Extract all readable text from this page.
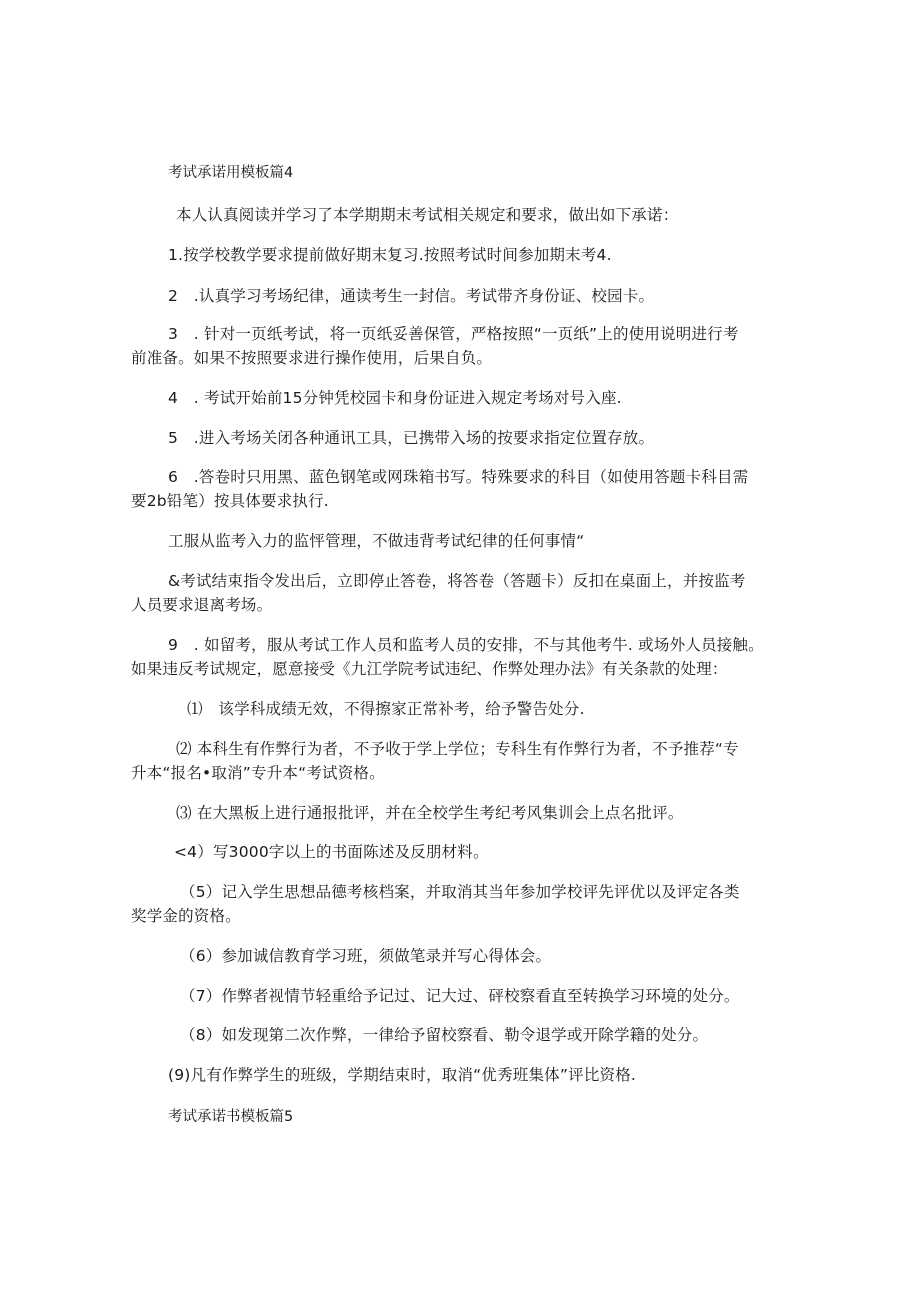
考试承诺用模板篇4
本人认真阅读并学习了本学期期末考试相关规定和要求，做出如下承诺：
1.按学校教学要求提前做好期末复习.按照考试时间参加期末考4.
2　.认真学习考场纪律，通读考生一封信。考试带齐身份证、校园卡。
3　. 针对一页纸考试，将一页纸妥善保管，严格按照“一页纸”上的使用说明进行考
前准备。如果不按照要求进行操作使用，后果自负。
4　. 考试开始前15分钟凭校园卡和身份证进入规定考场对号入座.
5　.进入考场关闭各种通讯工具，已携带入场的按要求指定位置存放。
6　.答卷时只用黑、蓝色钢笔或网珠箱书写。特殊要求的科目（如使用答题卡科目需
要2b铅笔）按具体要求执行.
工服从监考入力的监怦管理，不做违背考试纪律的任何事情“
&考试结束指令发出后，立即停止答卷，将答卷（答题卡）反扣在桌面上，并按监考
人员要求退离考场。
9　. 如留考，服从考试工作人员和监考人员的安排，不与其他考牛. 或场外人员接触。
如果违反考试规定，愿意接受《九江学院考试违纪、作弊处理办法》有关条款的处理：
⑴　该学科成绩无效，不得擦家正常补考，给予警告处分.
⑵ 本科生有作弊行为者，不予收于学上学位；专科生有作弊行为者，不予推荐“专
升本“报名•取消”专升本“考试资格。
⑶ 在大黑板上进行通报批评，并在全校学生考纪考风集训会上点名批评。
<4）写3000字以上的书面陈述及反朋材料。
（5）记入学生思想品德考核档案，并取消其当年参加学校评先评优以及评定各类
奖学金的资格。
（6）参加诚信教育学习班，须做笔录并写心得体会。
（7）作弊者视情节轻重给予记过、记大过、砰校察看直至转换学习环境的处分。
（8）如发现第二次作弊，一律给予留校察看、勒令退学或开除学籍的处分。
(9)凡有作弊学生的班级，学期结束时，取消“优秀班集体”评比资格.
考试承诺书模板篇5
